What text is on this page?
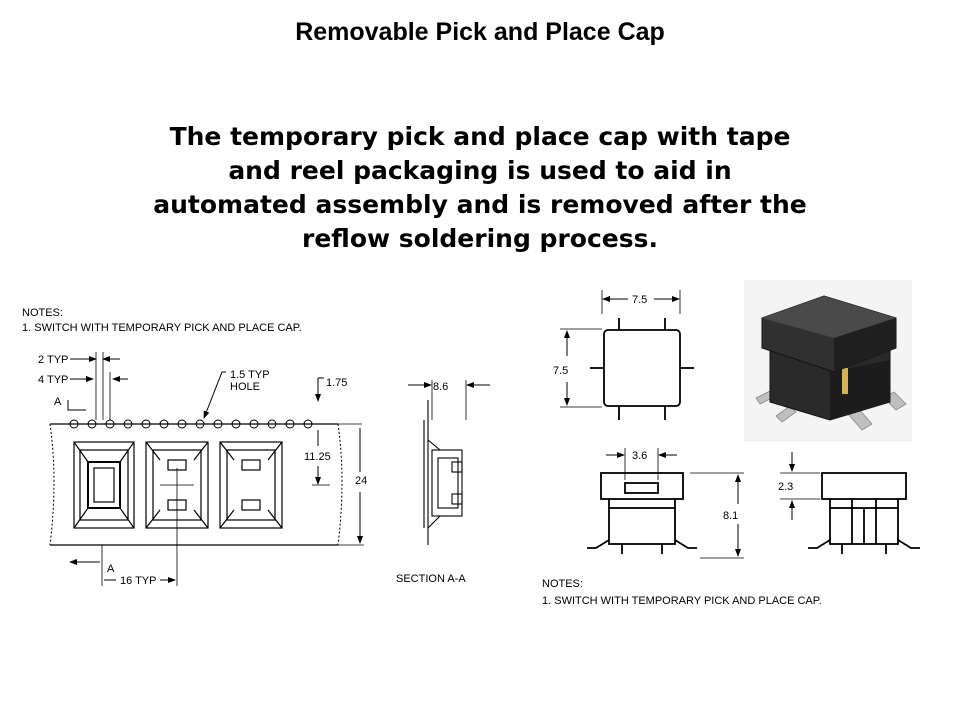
Removable Pick and Place Cap
The temporary pick and place cap with tape and reel packaging is used to aid in automated assembly and is removed after the reflow soldering process.
NOTES:
1. SWITCH WITH TEMPORARY PICK AND PLACE CAP.
2 TYP
4 TYP	1.5 TYP
HOLE	1.75
A
11.25
24
A
16 TYP
8.6
SECTION A-A
7.5
7.5
3.6
8.1
2.3
NOTES:
1. SWITCH WITH TEMPORARY PICK AND PLACE CAP.
